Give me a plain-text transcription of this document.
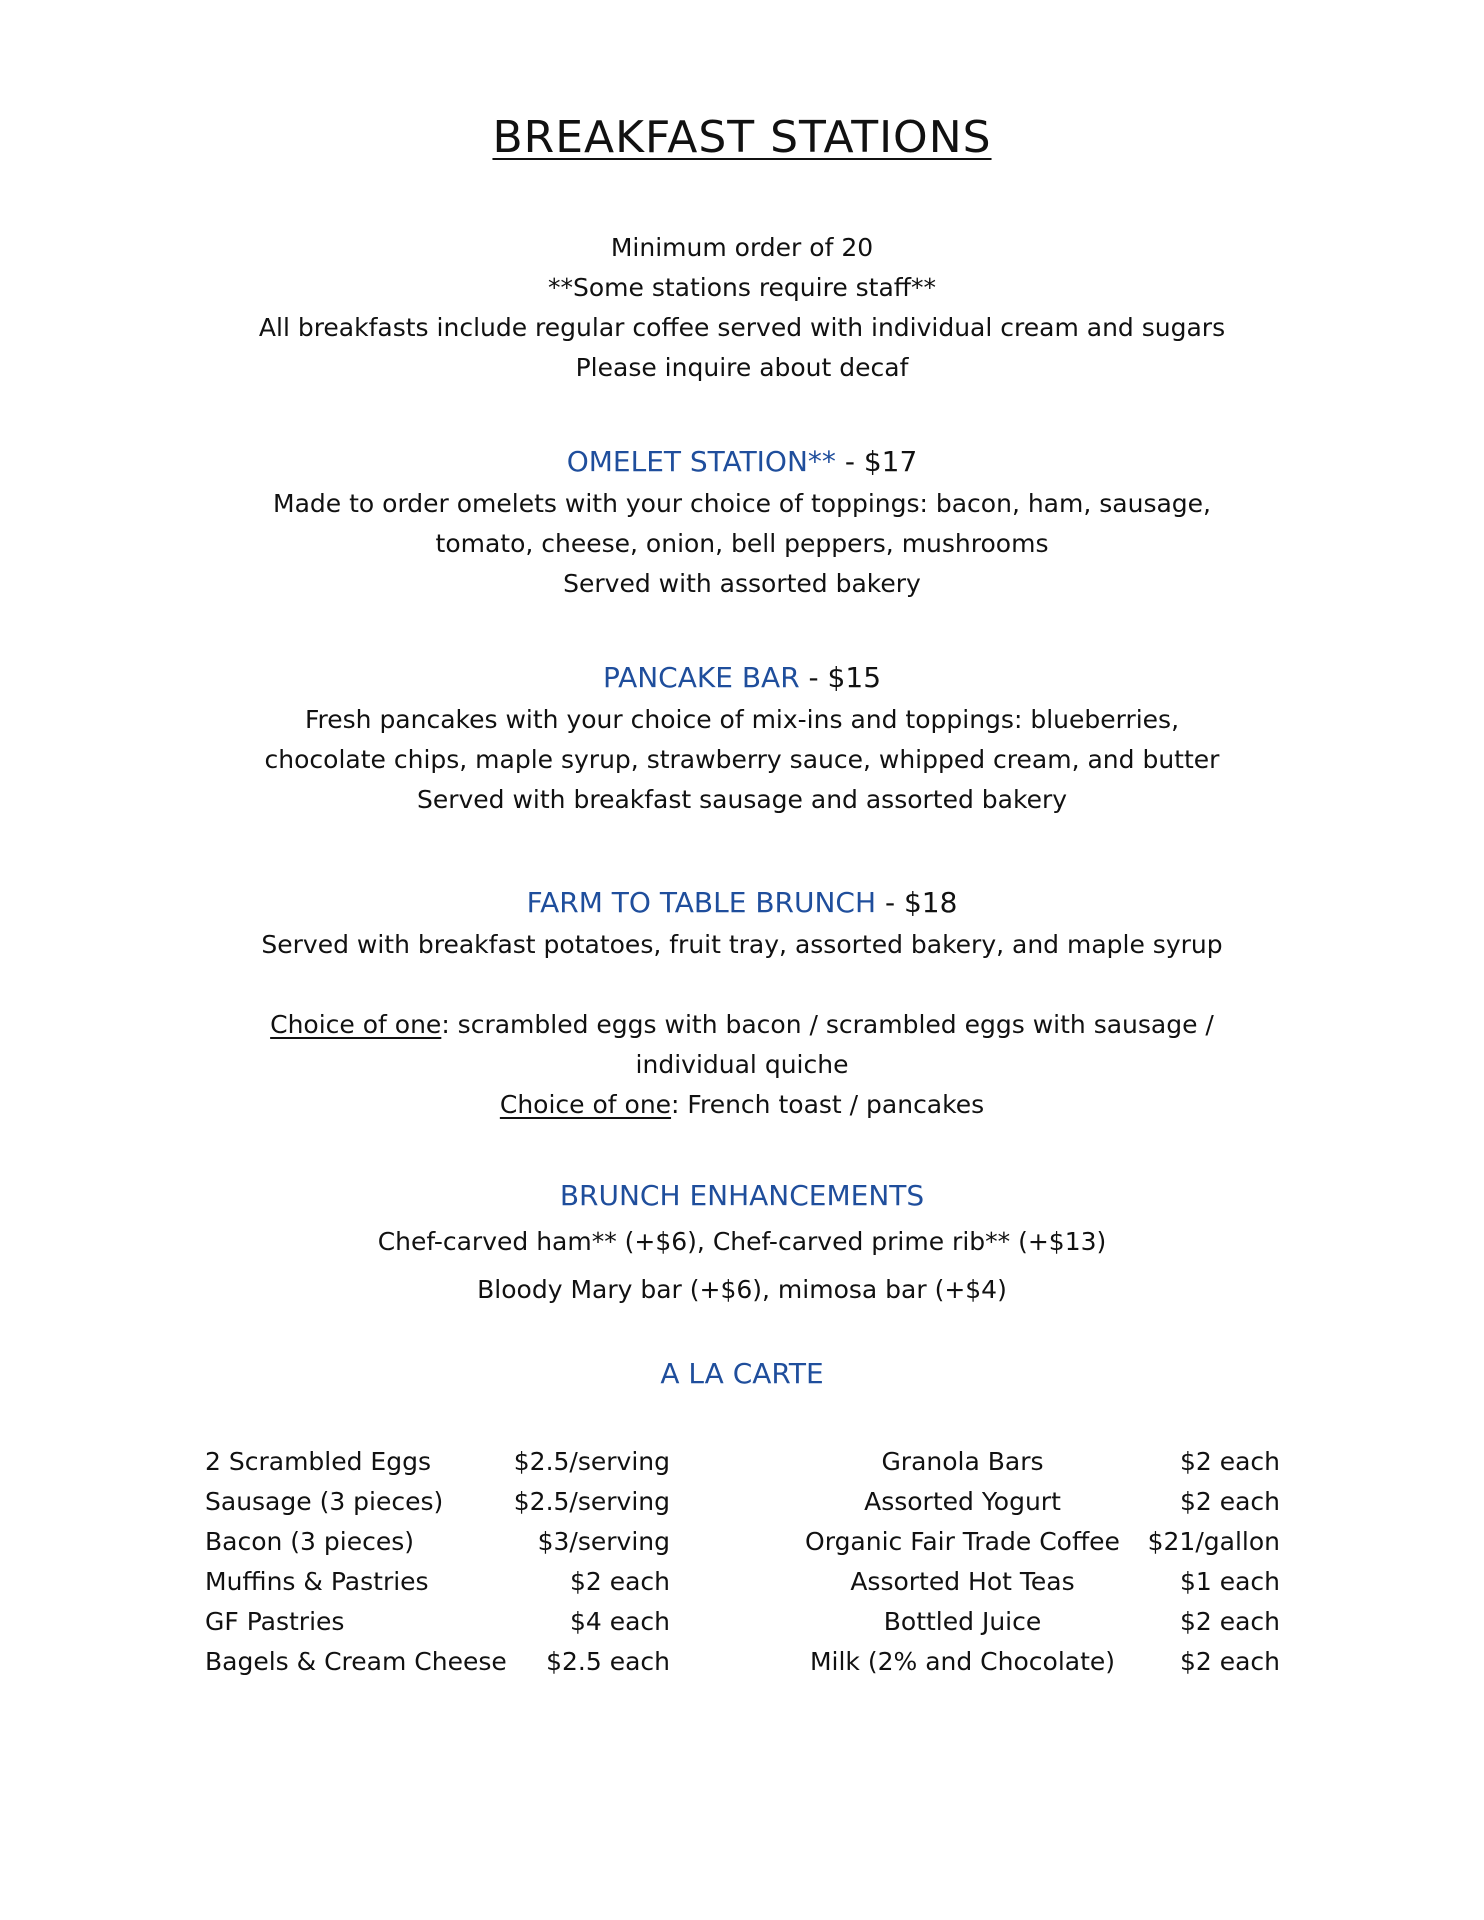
BREAKFAST STATIONS
Minimum order of 20
**Some stations require staff**
All breakfasts include regular coffee served with individual cream and sugars
Please inquire about decaf
OMELET STATION** - $17
Made to order omelets with your choice of toppings: bacon, ham, sausage,
tomato, cheese, onion, bell peppers, mushrooms
Served with assorted bakery
PANCAKE BAR - $15
Fresh pancakes with your choice of mix-ins and toppings: blueberries,
chocolate chips, maple syrup, strawberry sauce, whipped cream, and butter
Served with breakfast sausage and assorted bakery
FARM TO TABLE BRUNCH - $18
Served with breakfast potatoes, fruit tray, assorted bakery, and maple syrup
Choice of one: scrambled eggs with bacon / scrambled eggs with sausage /
individual quiche
Choice of one: French toast / pancakes
BRUNCH ENHANCEMENTS
Chef-carved ham** (+$6), Chef-carved prime rib** (+$13)
Bloody Mary bar (+$6), mimosa bar (+$4)
A LA CARTE
2 Scrambled Eggs	$2.5/serving
Sausage (3 pieces)	$2.5/serving
Bacon (3 pieces)	$3/serving
Muffins & Pastries	$2 each
GF Pastries	$4 each
Bagels & Cream Cheese	$2.5 each
Granola Bars	$2 each
Assorted Yogurt	$2 each
Organic Fair Trade Coffee	$21/gallon
Assorted Hot Teas	$1 each
Bottled Juice	$2 each
Milk (2% and Chocolate)	$2 each
